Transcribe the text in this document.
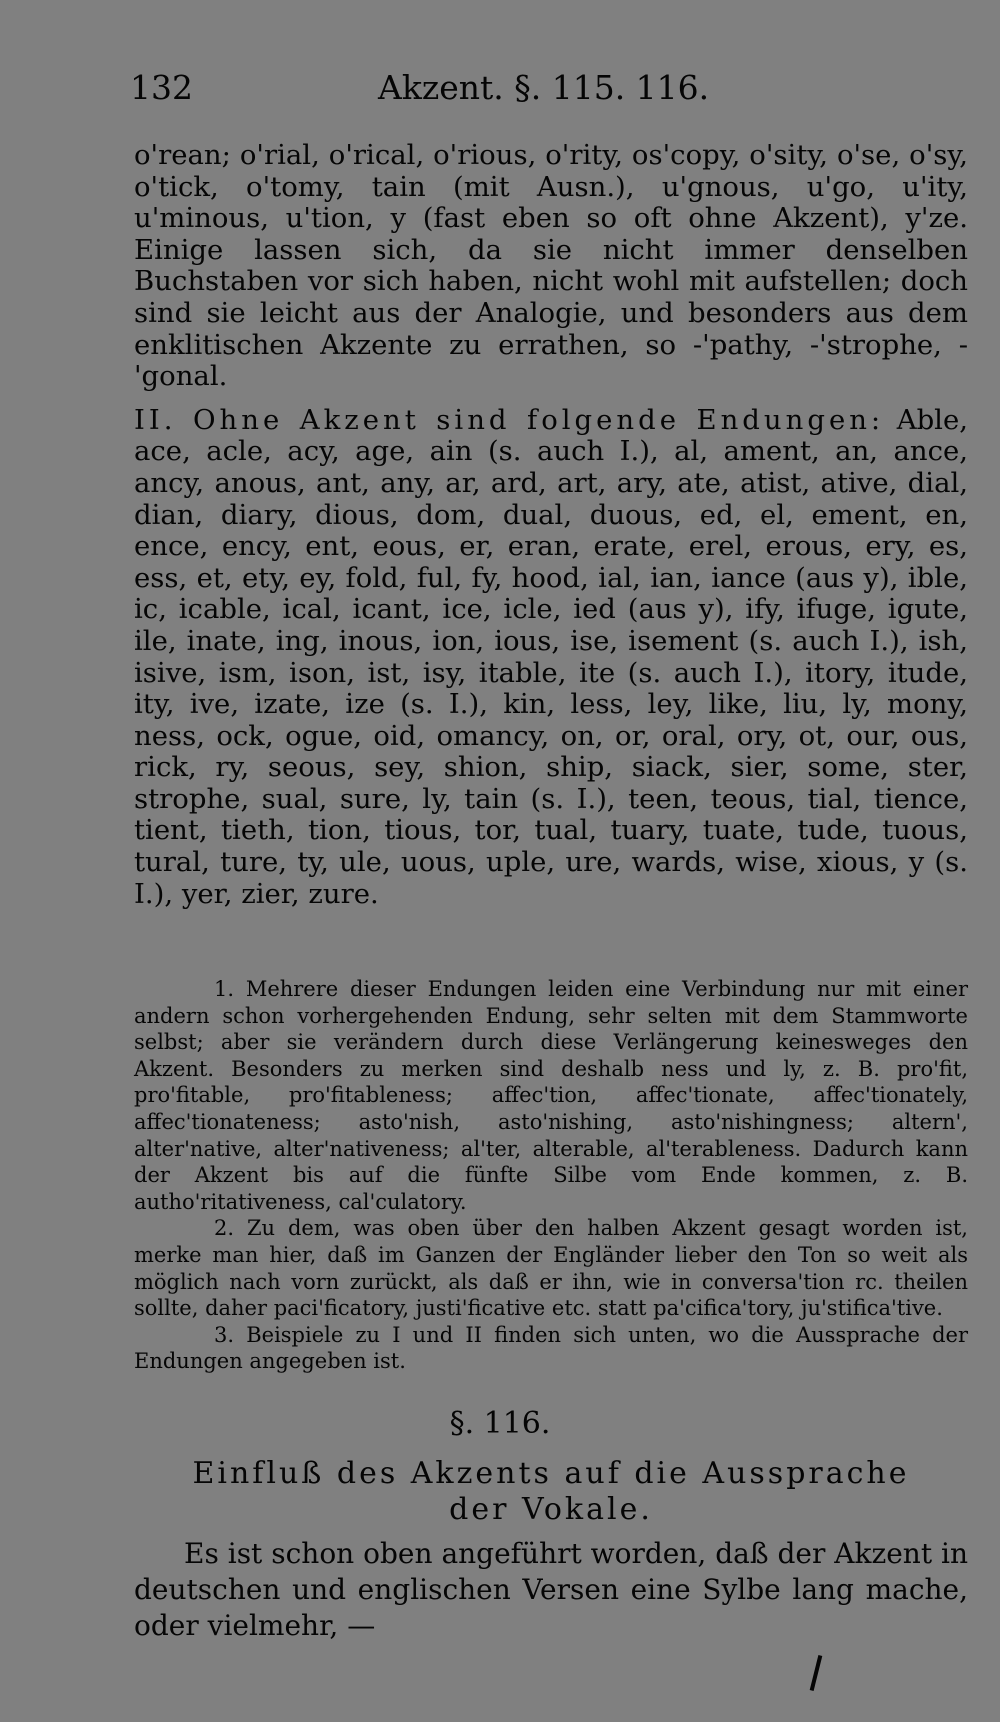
132	Akzent. §. 115. 116.

o'rean; o'rial, o'rical, o'rious, o'rity, os'copy, o'sity, o'se, o'sy, o'tick, o'tomy, tain (mit Ausn.), u'gnous, u'go, u'ity, u'minous, u'tion, y (fast eben so oft ohne Akzent), y'ze. Einige lassen sich, da sie nicht immer denselben Buchstaben vor sich haben, nicht wohl mit aufstellen; doch sind sie leicht aus der Analogie, und besonders aus dem enklitischen Akzente zu errathen, so -'pathy, -'strophe, -'gonal.

II. Ohne Akzent sind folgende Endungen: Able, ace, acle, acy, age, ain (s. auch I.), al, ament, an, ance, ancy, anous, ant, any, ar, ard, art, ary, ate, atist, ative, dial, dian, diary, dious, dom, dual, duous, ed, el, ement, en, ence, ency, ent, eous, er, eran, erate, erel, erous, ery, es, ess, et, ety, ey, fold, ful, fy, hood, ial, ian, iance (aus y), ible, ic, icable, ical, icant, ice, icle, ied (aus y), ify, ifuge, igute, ile, inate, ing, inous, ion, ious, ise, isement (s. auch I.), ish, isive, ism, ison, ist, isy, itable, ite (s. auch I.), itory, itude, ity, ive, izate, ize (s. I.), kin, less, ley, like, liu, ly, mony, ness, ock, ogue, oid, omancy, on, or, oral, ory, ot, our, ous, rick, ry, seous, sey, shion, ship, siack, sier, some, ster, strophe, sual, sure, ly, tain (s. I.), teen, teous, tial, tience, tient, tieth, tion, tious, tor, tual, tuary, tuate, tude, tuous, tural, ture, ty, ule, uous, uple, ure, wards, wise, xious, y (s. I.), yer, zier, zure.

1. Mehrere dieser Endungen leiden eine Verbindung nur mit einer andern schon vorhergehenden Endung, sehr selten mit dem Stammworte selbst; aber sie verändern durch diese Verlängerung keinesweges den Akzent. Besonders zu merken sind deshalb ness und ly, z. B. pro'fit, pro'fitable, pro'fitableness; affec'tion, affec'tionate, affec'tionately, affec'tionateness; asto'nish, asto'nishing, asto'nishingness; altern', alter'native, alter'nativeness; al'ter, alterable, al'terableness. Dadurch kann der Akzent bis auf die fünfte Silbe vom Ende kommen, z. B. autho'ritativeness, cal'culatory.

2. Zu dem, was oben über den halben Akzent gesagt worden ist, merke man hier, daß im Ganzen der Engländer lieber den Ton so weit als möglich nach vorn zurückt, als daß er ihn, wie in conversa'tion rc. theilen sollte, daher paci'ficatory, justi'ficative etc. statt pa'cifica'tory, ju'stifica'tive.

3. Beispiele zu I und II finden sich unten, wo die Aussprache der Endungen angegeben ist.

§. 116.
Einfluß des Akzents auf die Aussprache
der Vokale.

Es ist schon oben angeführt worden, daß der Akzent in deutschen und englischen Versen eine Sylbe lang mache, oder vielmehr, —
